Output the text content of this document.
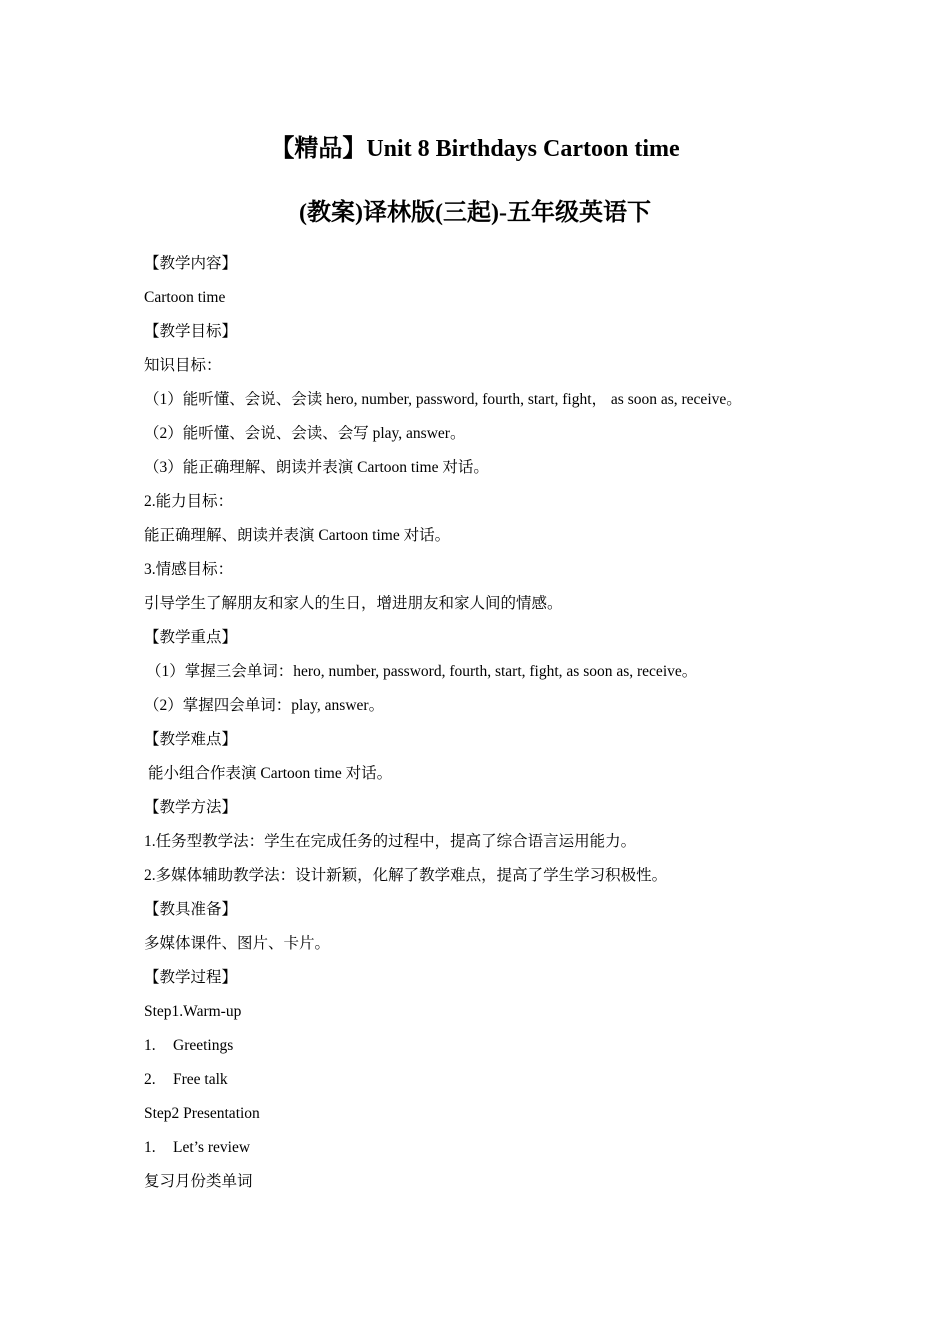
【精品】Unit 8 Birthdays Cartoon time
(教案)译林版(三起)-五年级英语下
【教学内容】
Cartoon time
【教学目标】
知识目标：
（1）能听懂、会说、会读 hero, number, password, fourth, start, fight， as soon as, receive。
（2）能听懂、会说、会读、会写 play, answer。
（3）能正确理解、朗读并表演 Cartoon time 对话。
2.能力目标：
能正确理解、朗读并表演 Cartoon time 对话。
3.情感目标：
引导学生了解朋友和家人的生日，增进朋友和家人间的情感。
【教学重点】
（1）掌握三会单词：hero, number, password, fourth, start, fight, as soon as, receive。
（2）掌握四会单词：play, answer。
【教学难点】
能小组合作表演 Cartoon time 对话。
【教学方法】
1.任务型教学法：学生在完成任务的过程中，提高了综合语言运用能力。
2.多媒体辅助教学法：设计新颖，化解了教学难点，提高了学生学习积极性。
【教具准备】
多媒体课件、图片、卡片。
【教学过程】
Step1.Warm-up
1.	Greetings
2.	Free talk
Step2 Presentation
1.	Let’s review
复习月份类单词
